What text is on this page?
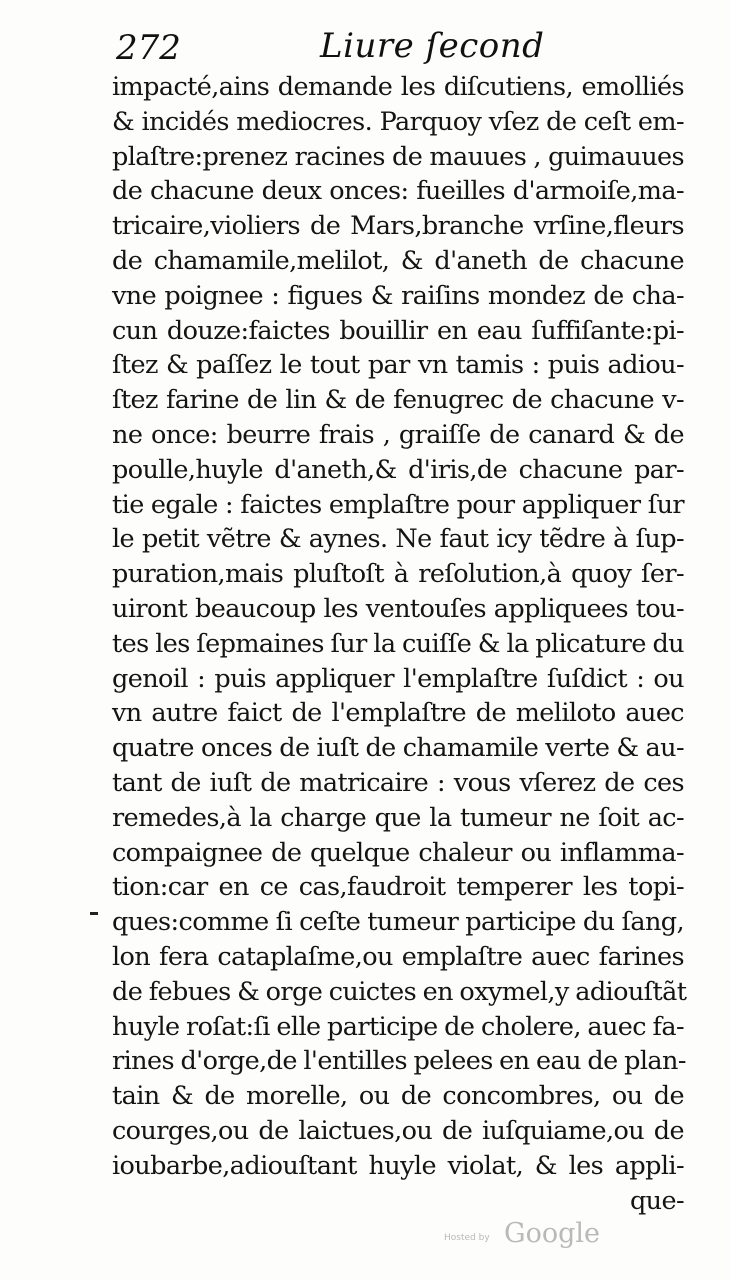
272	Liure ſecond
impacté,ains demande les diſcutiens, emolliés
& incidés mediocres. Parquoy vſez de ceſt em-
plaſtre:prenez racines de mauues , guimauues
de chacune deux onces: fueilles d'armoiſe,ma-
tricaire,violiers de Mars,branche vrſine,fleurs
de chamamile,melilot, & d'aneth de chacune
vne poignee : figues & raiſins mondez de cha-
cun douze:faictes bouillir en eau ſuffiſante:pi-
ſtez & paſſez le tout par vn tamis : puis adiou-
ſtez farine de lin & de fenugrec de chacune v-
ne once: beurre frais , graiſſe de canard & de
poulle,huyle d'aneth,& d'iris,de chacune par-
tie egale : faictes emplaſtre pour appliquer ſur
le petit vẽtre & aynes. Ne faut icy tẽdre à ſup-
puration,mais pluſtoſt à reſolution,à quoy ſer-
uiront beaucoup les ventouſes appliquees tou-
tes les ſepmaines ſur la cuiſſe & la plicature du
genoil : puis appliquer l'emplaſtre ſuſdict : ou
vn autre faict de l'emplaſtre de meliloto auec
quatre onces de iuſt de chamamile verte & au-
tant de iuſt de matricaire : vous vſerez de ces
remedes,à la charge que la tumeur ne ſoit ac-
compaignee de quelque chaleur ou inflamma-
tion:car en ce cas,faudroit temperer les topi-
ques:comme ſi ceſte tumeur participe du ſang,
lon fera cataplaſme,ou emplaſtre auec farines
de febues & orge cuictes en oxymel,y adiouſtãt
huyle roſat:ſi elle participe de cholere, auec fa-
rines d'orge,de l'entilles pelees en eau de plan-
tain & de morelle, ou de concombres, ou de
courges,ou de laictues,ou de iuſquiame,ou de
ioubarbe,adiouſtant huyle violat, & les appli-
que-
Hosted by Google
